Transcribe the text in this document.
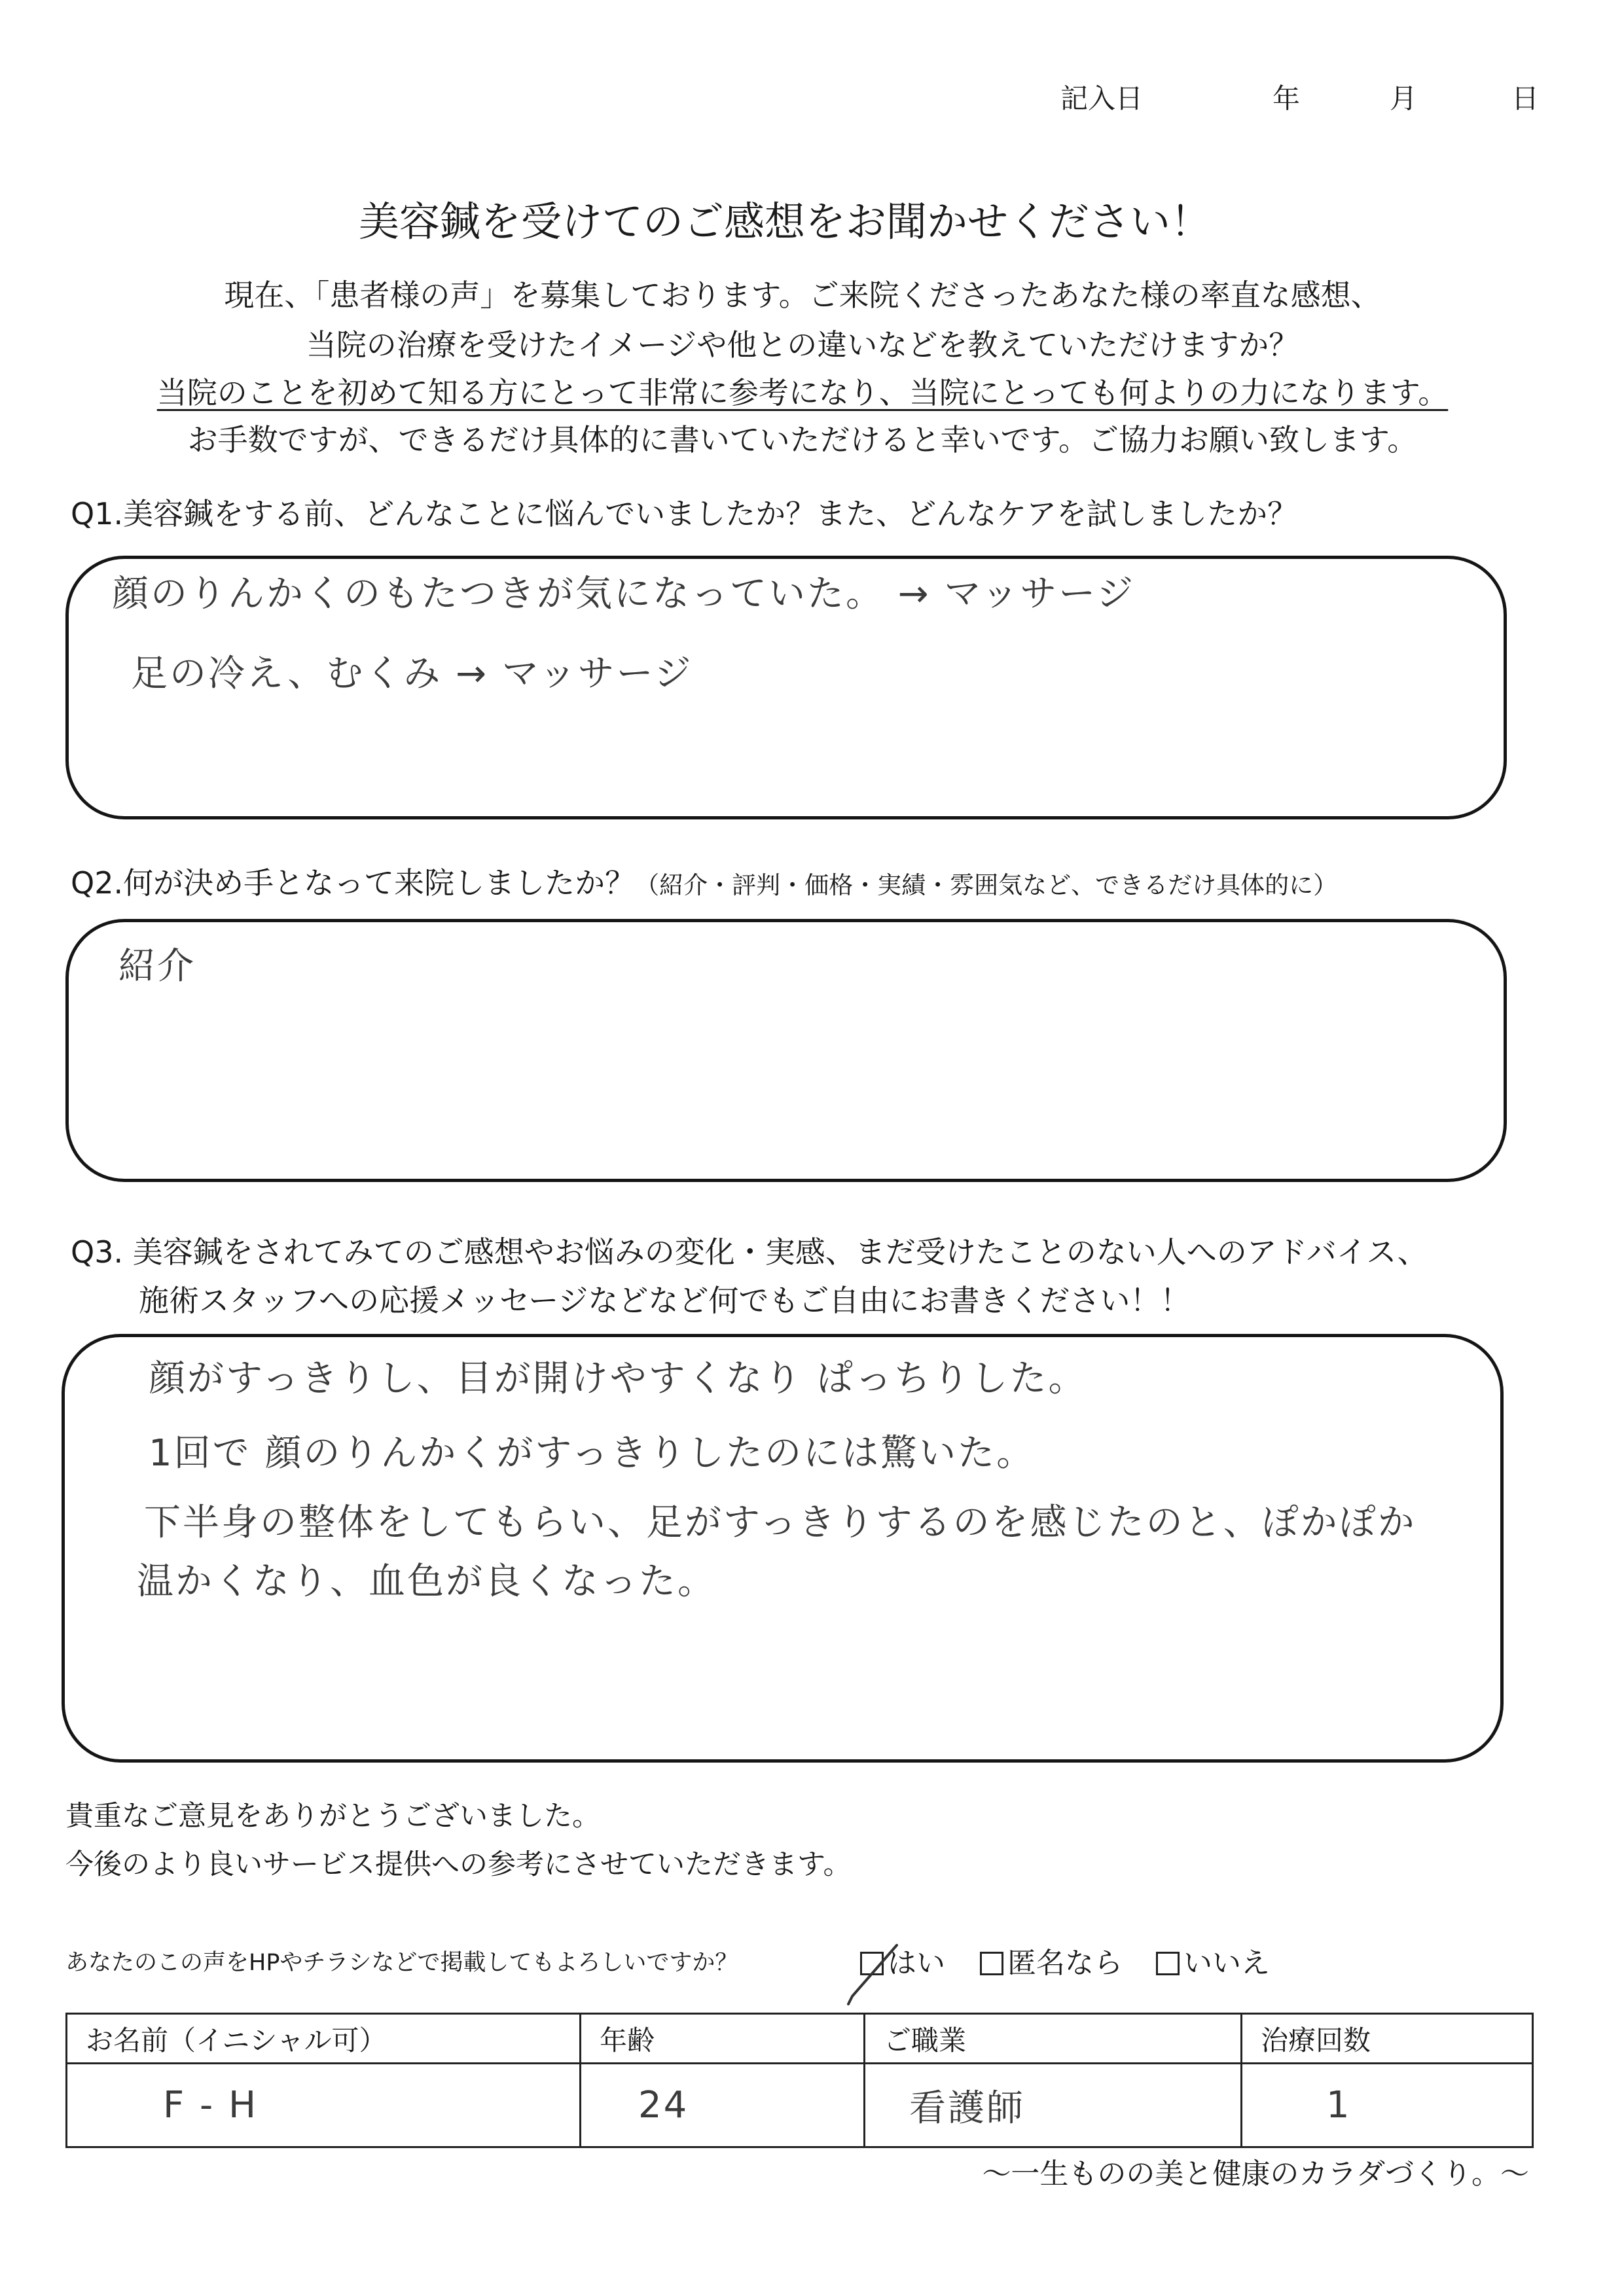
記入日	年	月	日
美容鍼を受けてのご感想をお聞かせください！
現在、「患者様の声」を募集しております。ご来院くださったあなた様の率直な感想、
当院の治療を受けたイメージや他との違いなどを教えていただけますか？
当院のことを初めて知る方にとって非常に参考になり、当院にとっても何よりの力になります。
お手数ですが、できるだけ具体的に書いていただけると幸いです。ご協力お願い致します。
Q1.美容鍼をする前、どんなことに悩んでいましたか？また、どんなケアを試しましたか？
顔のりんかくのもたつきが気になっていた。 → マッサージ
足の冷え、むくみ → マッサージ
Q2.何が決め手となって来院しましたか？（紹介・評判・価格・実績・雰囲気など、できるだけ具体的に）
紹介
Q3. 美容鍼をされてみてのご感想やお悩みの変化・実感、まだ受けたことのない人へのアドバイス、
施術スタッフへの応援メッセージなどなど何でもご自由にお書きください！！
顔がすっきりし、目が開けやすくなり ぱっちりした。
1回で 顔のりんかくがすっきりしたのには驚いた。
下半身の整体をしてもらい、足がすっきりするのを感じたのと、ぽかぽか
温かくなり、血色が良くなった。
貴重なご意見をありがとうございました。
今後のより良いサービス提供への参考にさせていただきます。
あなたのこの声をHPやチラシなどで掲載してもよろしいですか？	はい 匿名なら いいえ
お名前（イニシャル可）	年齢	ご職業	治療回数
F - H	24	看護師	1
～一生ものの美と健康のカラダづくり。～
